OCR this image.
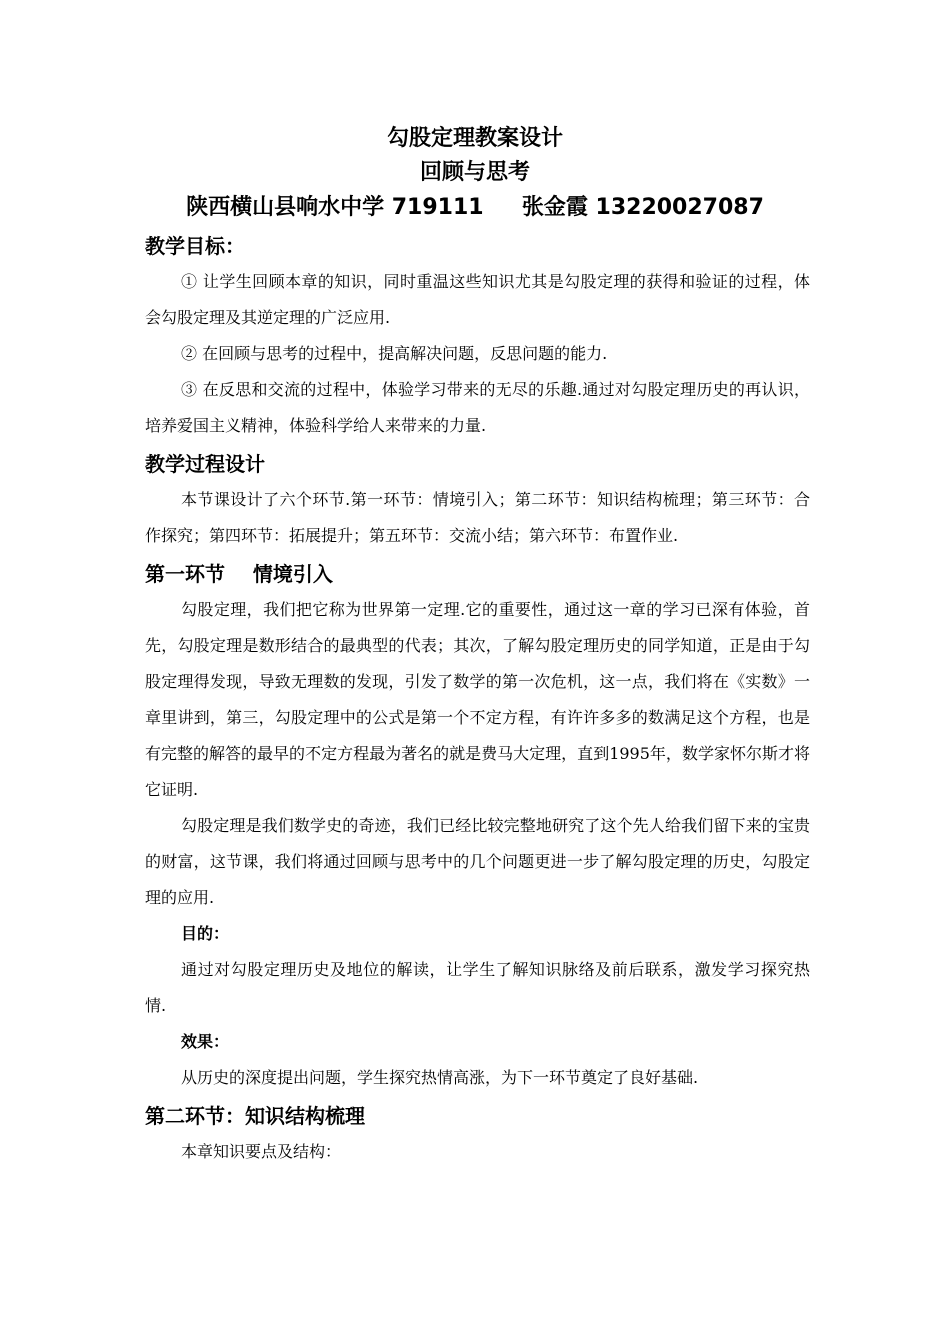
勾股定理教案设计
回顾与思考
陕西横山县响水中学 719111     张金霞 13220027087
教学目标：

① 让学生回顾本章的知识，同时重温这些知识尤其是勾股定理的获得和验证的过程，体会勾股定理及其逆定理的广泛应用.

② 在回顾与思考的过程中，提高解决问题，反思问题的能力.

③ 在反思和交流的过程中，体验学习带来的无尽的乐趣.通过对勾股定理历史的再认识，培养爱国主义精神，体验科学给人来带来的力量.

教学过程设计

本节课设计了六个环节.第一环节：情境引入；第二环节：知识结构梳理；第三环节：合作探究；第四环节：拓展提升；第五环节：交流小结；第六环节：布置作业.

第一环节    情境引入

勾股定理，我们把它称为世界第一定理.它的重要性，通过这一章的学习已深有体验，首先，勾股定理是数形结合的最典型的代表；其次，了解勾股定理历史的同学知道，正是由于勾股定理得发现，导致无理数的发现，引发了数学的第一次危机，这一点，我们将在《实数》一章里讲到，第三，勾股定理中的公式是第一个不定方程，有许许多多的数满足这个方程，也是有完整的解答的最早的不定方程最为著名的就是费马大定理，直到1995年，数学家怀尔斯才将它证明.

勾股定理是我们数学史的奇迹，我们已经比较完整地研究了这个先人给我们留下来的宝贵的财富，这节课，我们将通过回顾与思考中的几个问题更进一步了解勾股定理的历史，勾股定理的应用.

目的：

通过对勾股定理历史及地位的解读，让学生了解知识脉络及前后联系，激发学习探究热情.

效果：

从历史的深度提出问题，学生探究热情高涨，为下一环节奠定了良好基础.

第二环节：知识结构梳理

本章知识要点及结构：
